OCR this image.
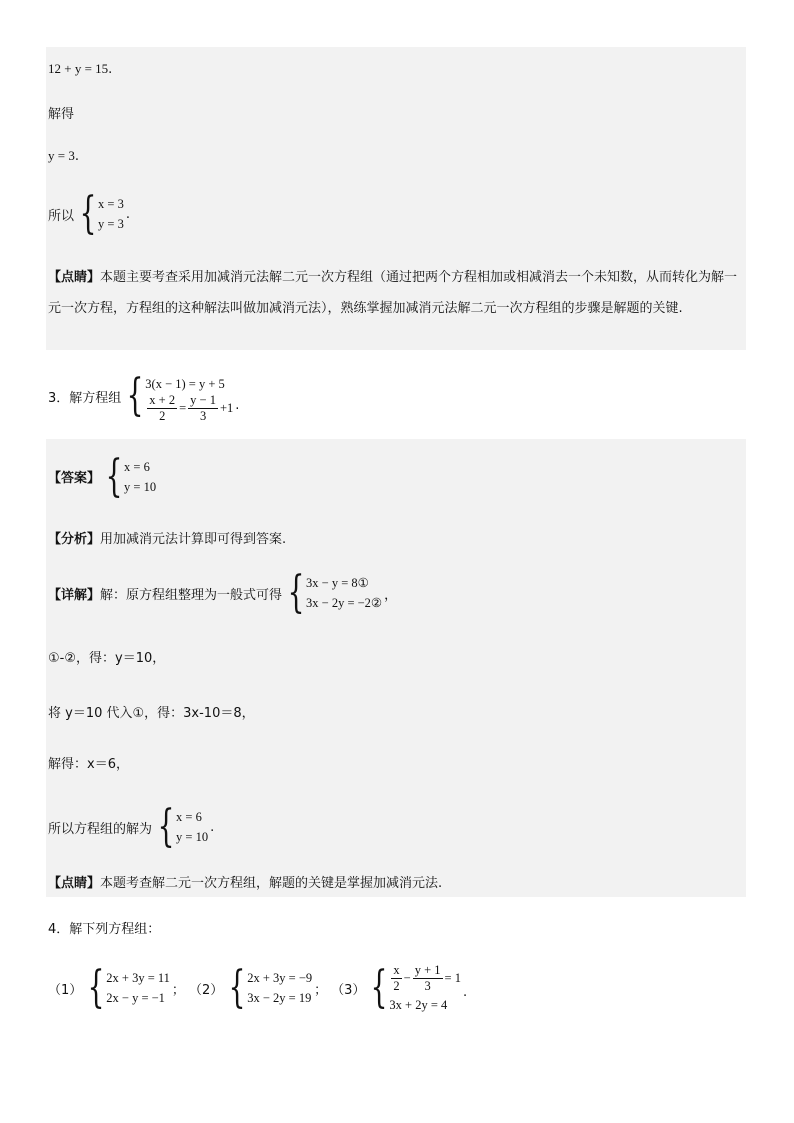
12 + y = 15 .
解得
y = 3 .
所以 { x = 3
y = 3
.
【点睛】本题主要考查采用加减消元法解二元一次方程组（通过把两个方程相加或相减消去一个未知数，从而转化为解一元一次方程，方程组的这种解法叫做加减消元法），熟练掌握加减消元法解二元一次方程组的步骤是解题的关键.
3．解方程组 { 3(x − 1) = y + 5
$\frac{x + 2}{2} = \frac{y - 1}{3} +1$ .
【答案】 { x = 6
y = 10
【分析】 用加减消元法计算即可得到答案.
【详解】 解：原方程组整理为一般式可得 { 3x − y = 8①
3x − 2y = −2②
，
①-②，得：y＝10，
将 y＝10 代入①，得：3x-10＝8，
解得：x＝6，
所以方程组的解为 { x = 6
y = 10
.
【点睛】 本题考查解二元一次方程组，解题的关键是掌握加减消元法.
4．解下列方程组：
（1） { 2x + 3y = 11
2x − y = −1
； （2） { 2x + 3y = −9
3x − 2y = 19
； （3） { $\frac{x}{2} - \frac{y + 1}{3} = 1$
3x + 2y = 4
.
